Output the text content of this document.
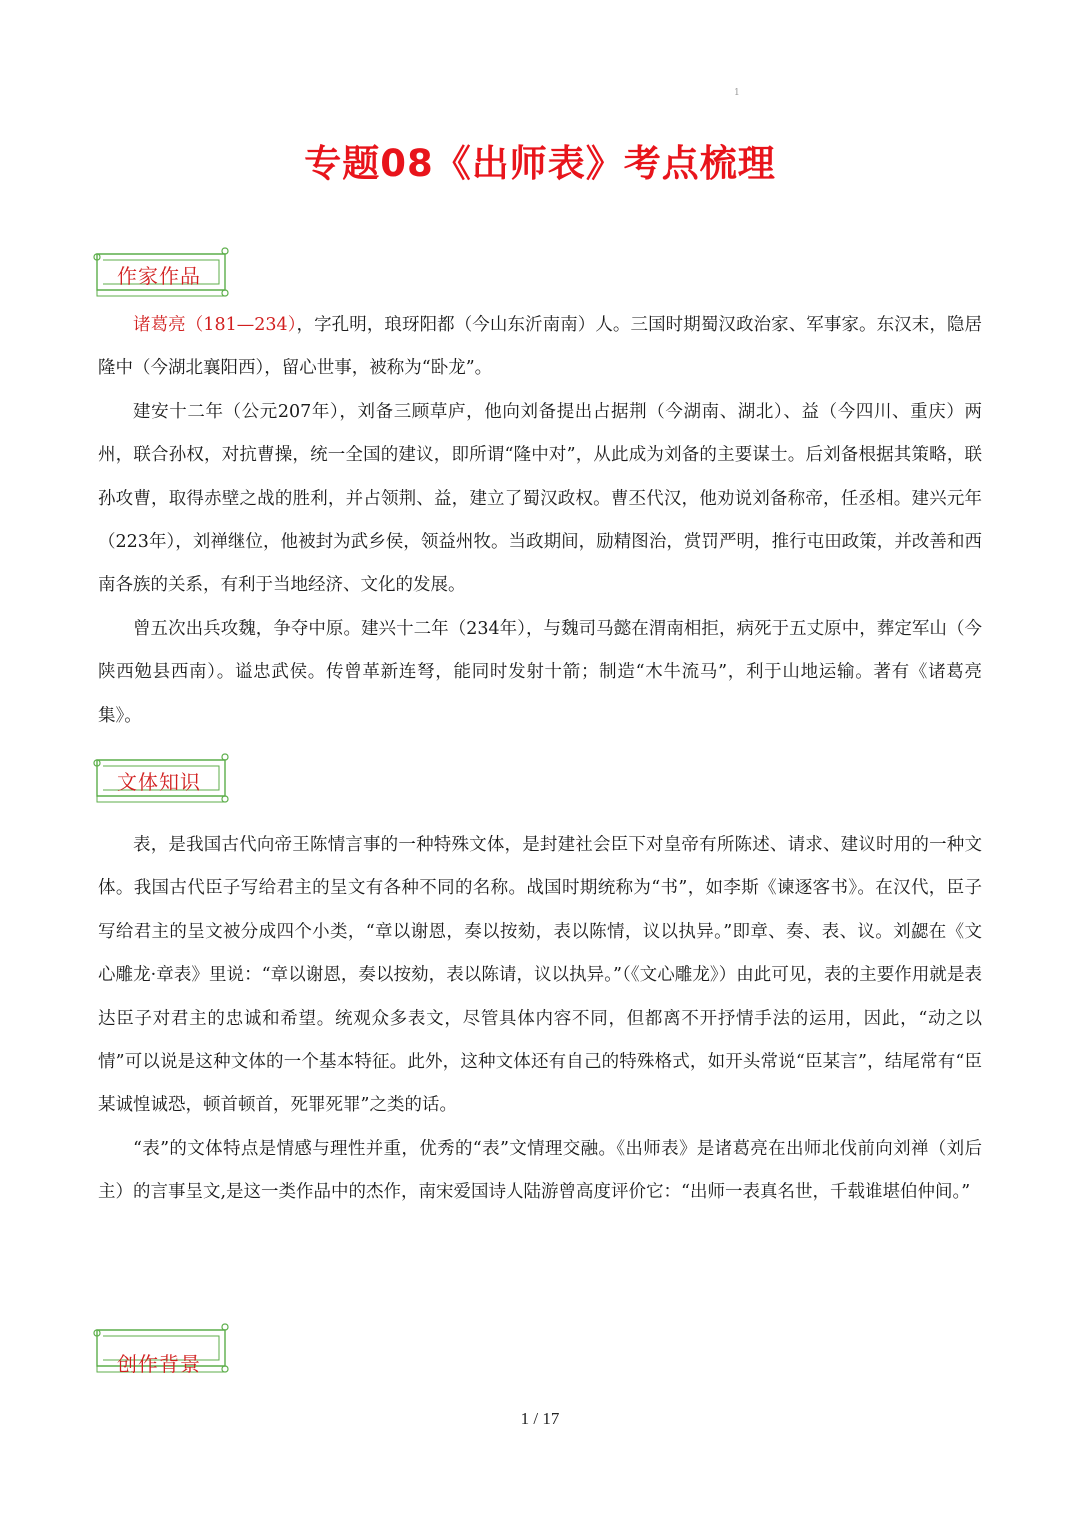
1
专题08《出师表》考点梳理
作家作品

诸葛亮（181—234），字孔明，琅玡阳都（今山东沂南南）人。三国时期蜀汉政治家、军事家。东汉末，隐居隆中（今湖北襄阳西），留心世事，被称为“卧龙”。

建安十二年（公元207年），刘备三顾草庐，他向刘备提出占据荆（今湖南、湖北）、益（今四川、重庆）两州，联合孙权，对抗曹操，统一全国的建议，即所谓“隆中对”，从此成为刘备的主要谋士。后刘备根据其策略，联孙攻曹，取得赤壁之战的胜利，并占领荆、益，建立了蜀汉政权。曹丕代汉，他劝说刘备称帝，任丞相。建兴元年（223年），刘禅继位，他被封为武乡侯，领益州牧。当政期间，励精图治，赏罚严明，推行屯田政策，并改善和西南各族的关系，有利于当地经济、文化的发展。

曾五次出兵攻魏，争夺中原。建兴十二年（234年），与魏司马懿在渭南相拒，病死于五丈原中，葬定军山（今陕西勉县西南）。谥忠武侯。传曾革新连弩，能同时发射十箭；制造“木牛流马”，利于山地运输。著有《诸葛亮集》。

文体知识

表，是我国古代向帝王陈情言事的一种特殊文体，是封建社会臣下对皇帝有所陈述、请求、建议时用的一种文体。我国古代臣子写给君主的呈文有各种不同的名称。战国时期统称为“书”，如李斯《谏逐客书》。在汉代，臣子写给君主的呈文被分成四个小类，“章以谢恩，奏以按劾，表以陈情，议以执异。”即章、奏、表、议。刘勰在《文心雕龙·章表》里说：“章以谢恩，奏以按劾，表以陈请，议以执异。”（《文心雕龙》）由此可见，表的主要作用就是表达臣子对君主的忠诚和希望。统观众多表文，尽管具体内容不同，但都离不开抒情手法的运用，因此，“动之以情”可以说是这种文体的一个基本特征。此外，这种文体还有自己的特殊格式，如开头常说“臣某言”，结尾常有“臣某诚惶诚恐，顿首顿首，死罪死罪”之类的话。

“表”的文体特点是情感与理性并重，优秀的“表”文情理交融。《出师表》是诸葛亮在出师北伐前向刘禅（刘后主）的言事呈文,是这一类作品中的杰作，南宋爱国诗人陆游曾高度评价它：“出师一表真名世，千载谁堪伯仲间。”

创作背景
1 / 17
